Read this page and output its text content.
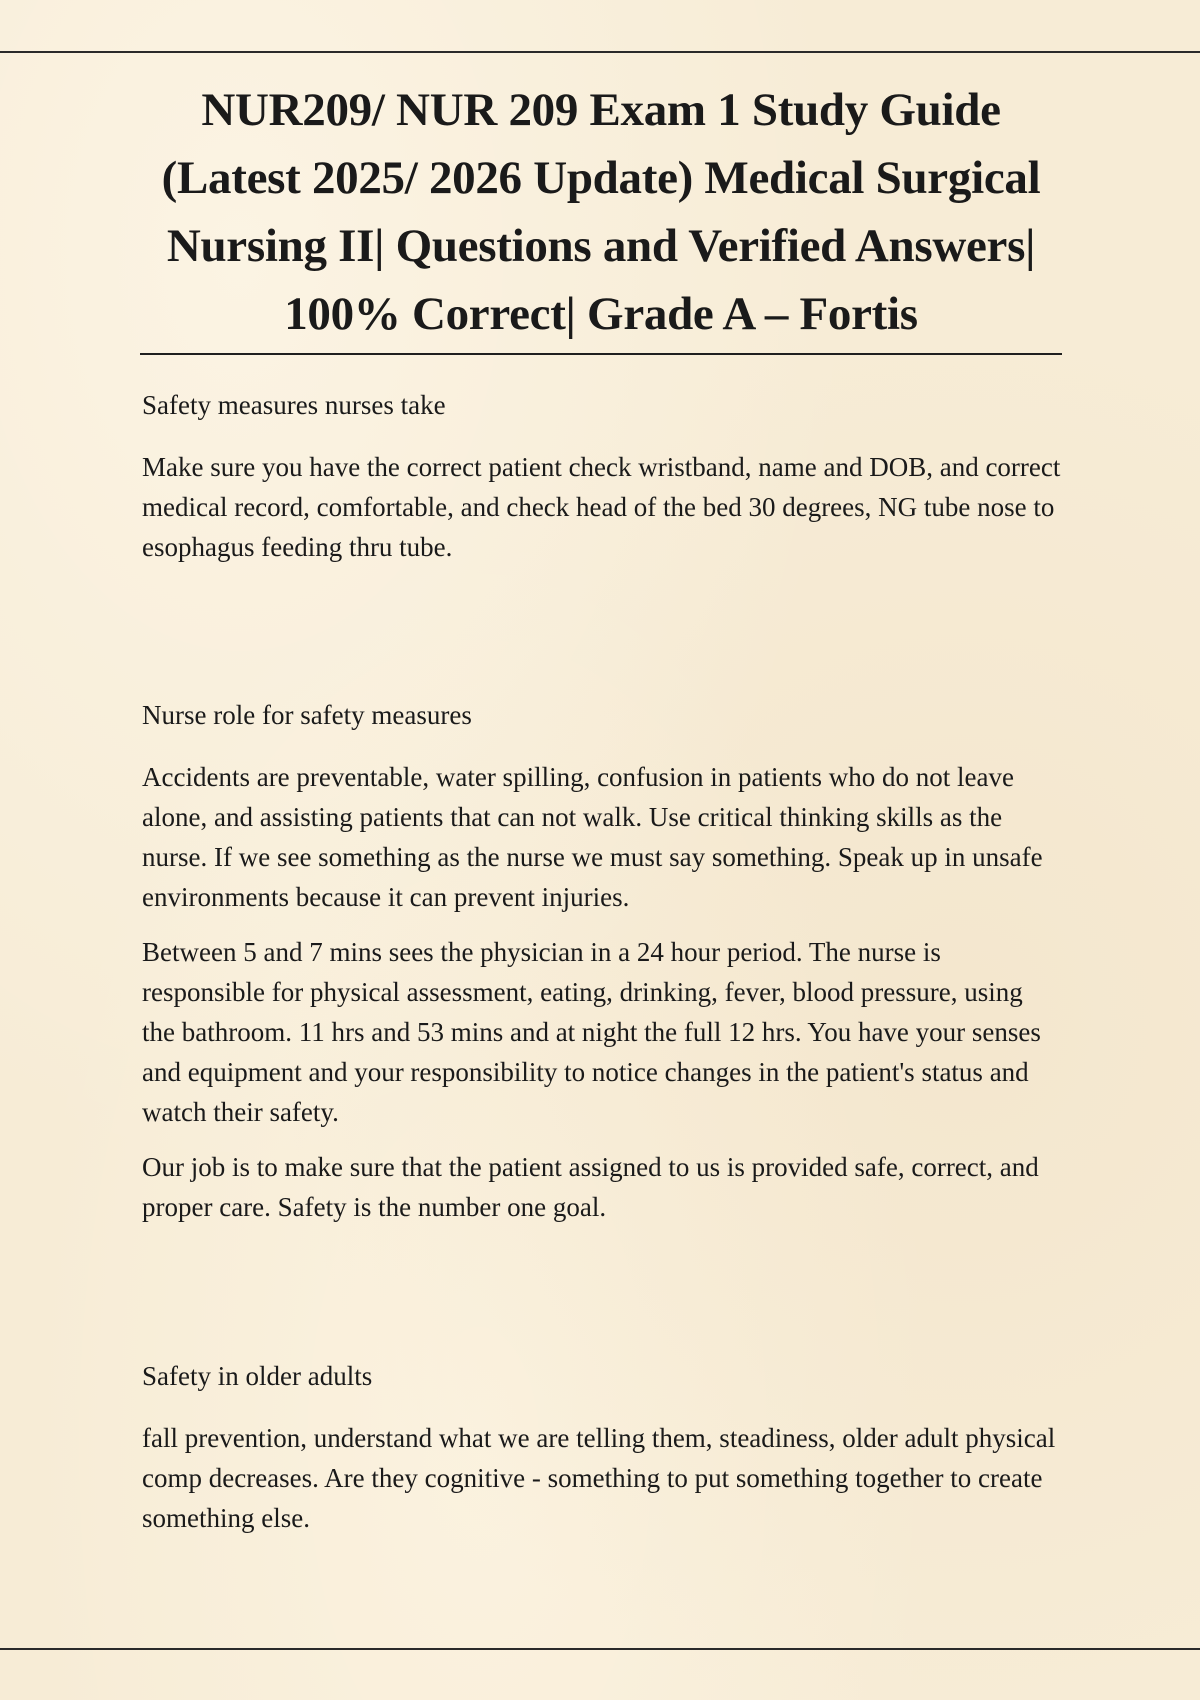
NUR209/ NUR 209 Exam 1 Study Guide (Latest 2025/ 2026 Update) Medical Surgical Nursing II| Questions and Verified Answers| 100% Correct| Grade A – Fortis

Safety measures nurses take

Make sure you have the correct patient check wristband, name and DOB, and correct medical record, comfortable, and check head of the bed 30 degrees, NG tube nose to esophagus feeding thru tube.

Nurse role for safety measures

Accidents are preventable, water spilling, confusion in patients who do not leave alone, and assisting patients that can not walk. Use critical thinking skills as the nurse. If we see something as the nurse we must say something. Speak up in unsafe environments because it can prevent injuries.

Between 5 and 7 mins sees the physician in a 24 hour period. The nurse is responsible for physical assessment, eating, drinking, fever, blood pressure, using the bathroom. 11 hrs and 53 mins and at night the full 12 hrs. You have your senses and equipment and your responsibility to notice changes in the patient's status and watch their safety.

Our job is to make sure that the patient assigned to us is provided safe, correct, and proper care. Safety is the number one goal.

Safety in older adults

fall prevention, understand what we are telling them, steadiness, older adult physical comp decreases. Are they cognitive - something to put something together to create something else.
